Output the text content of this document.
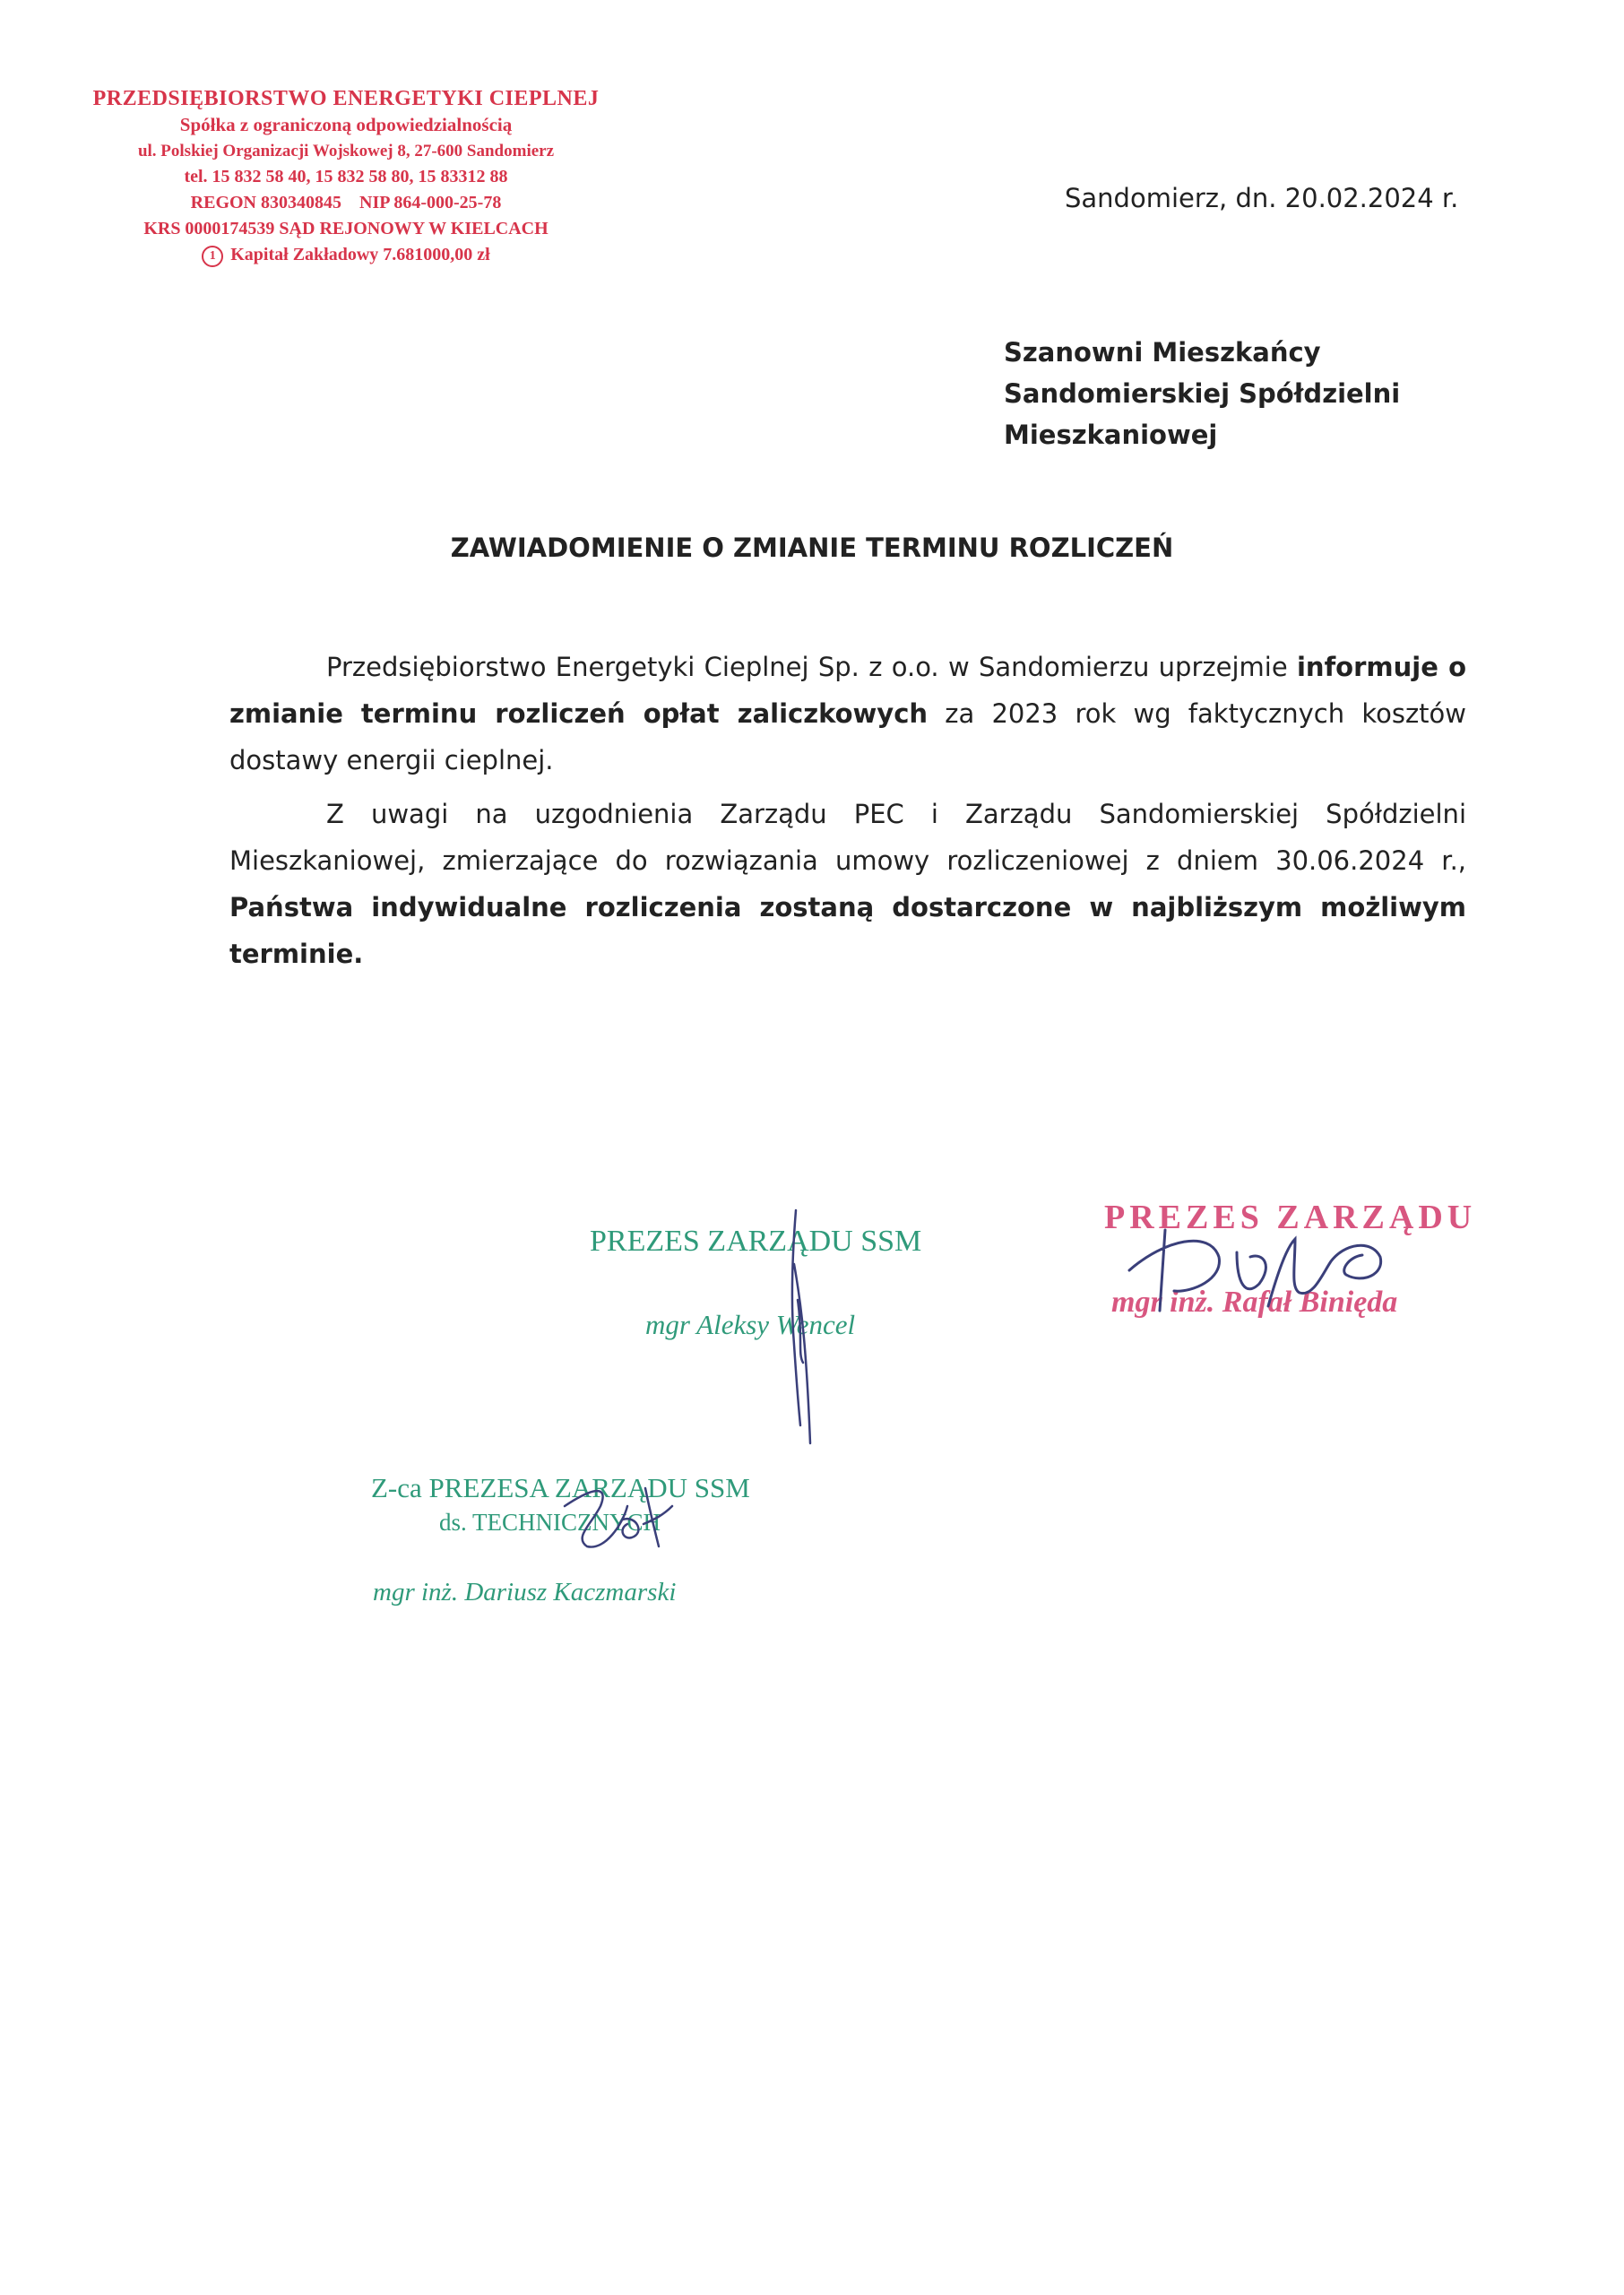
PRZEDSIĘBIORSTWO ENERGETYKI CIEPLNEJ
Spółka z ograniczoną odpowiedzialnością
ul. Polskiej Organizacji Wojskowej 8, 27-600 Sandomierz
tel. 15 832 58 40, 15 832 58 80, 15 83312 88
REGON 830340845    NIP 864-000-25-78
KRS 0000174539 SĄD REJONOWY W KIELCACH
1 Kapitał Zakładowy 7.681000,00 zł
Sandomierz, dn. 20.02.2024 r.
Szanowni Mieszkańcy
Sandomierskiej Spółdzielni
Mieszkaniowej
ZAWIADOMIENIE O ZMIANIE TERMINU ROZLICZEŃ
Przedsiębiorstwo Energetyki Cieplnej Sp. z o.o. w Sandomierzu uprzejmie informuje o zmianie terminu rozliczeń opłat zaliczkowych za 2023 rok wg faktycznych kosztów dostawy energii cieplnej.
Z uwagi na uzgodnienia Zarządu PEC i Zarządu Sandomierskiej Spółdzielni Mieszkaniowej, zmierzające do rozwiązania umowy rozliczeniowej z dniem 30.06.2024 r., Państwa indywidualne rozliczenia zostaną dostarczone w najbliższym możliwym terminie.
PREZES ZARZĄDU SSM
mgr Aleksy Wencel
PREZES ZARZĄDU
mgr inż. Rafał Binięda
Z-ca PREZESA ZARZĄDU SSM
ds. TECHNICZNYCH
mgr inż. Dariusz Kaczmarski
